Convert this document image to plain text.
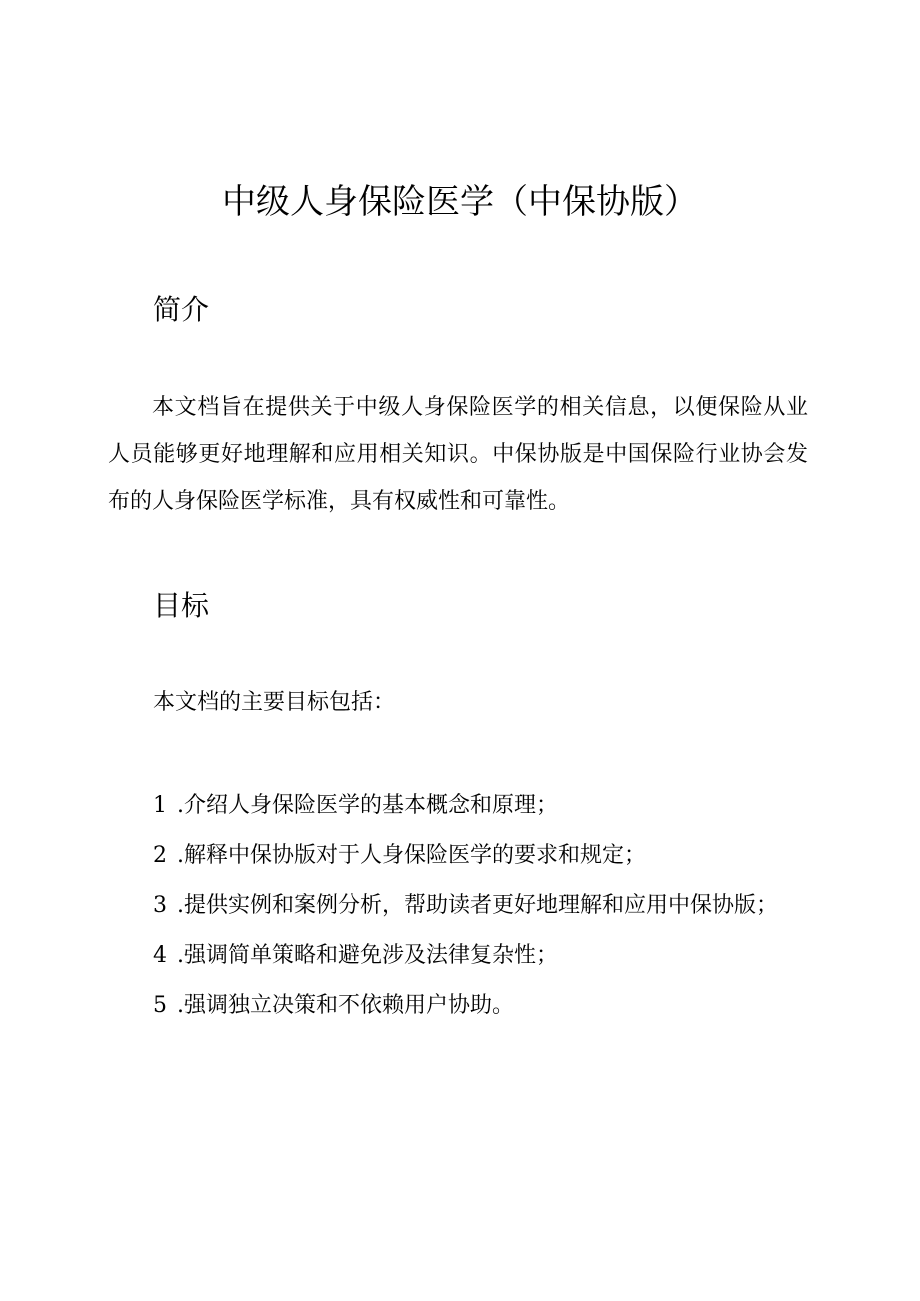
中级人身保险医学（中保协版）
简介

本文档旨在提供关于中级人身保险医学的相关信息，以便保险从业人员能够更好地理解和应用相关知识。中保协版是中国保险行业协会发布的人身保险医学标准，具有权威性和可靠性。

目标

本文档的主要目标包括：

1 .介绍人身保险医学的基本概念和原理；
2 .解释中保协版对于人身保险医学的要求和规定；
3 .提供实例和案例分析，帮助读者更好地理解和应用中保协版；
4 .强调简单策略和避免涉及法律复杂性；
5 .强调独立决策和不依赖用户协助。
